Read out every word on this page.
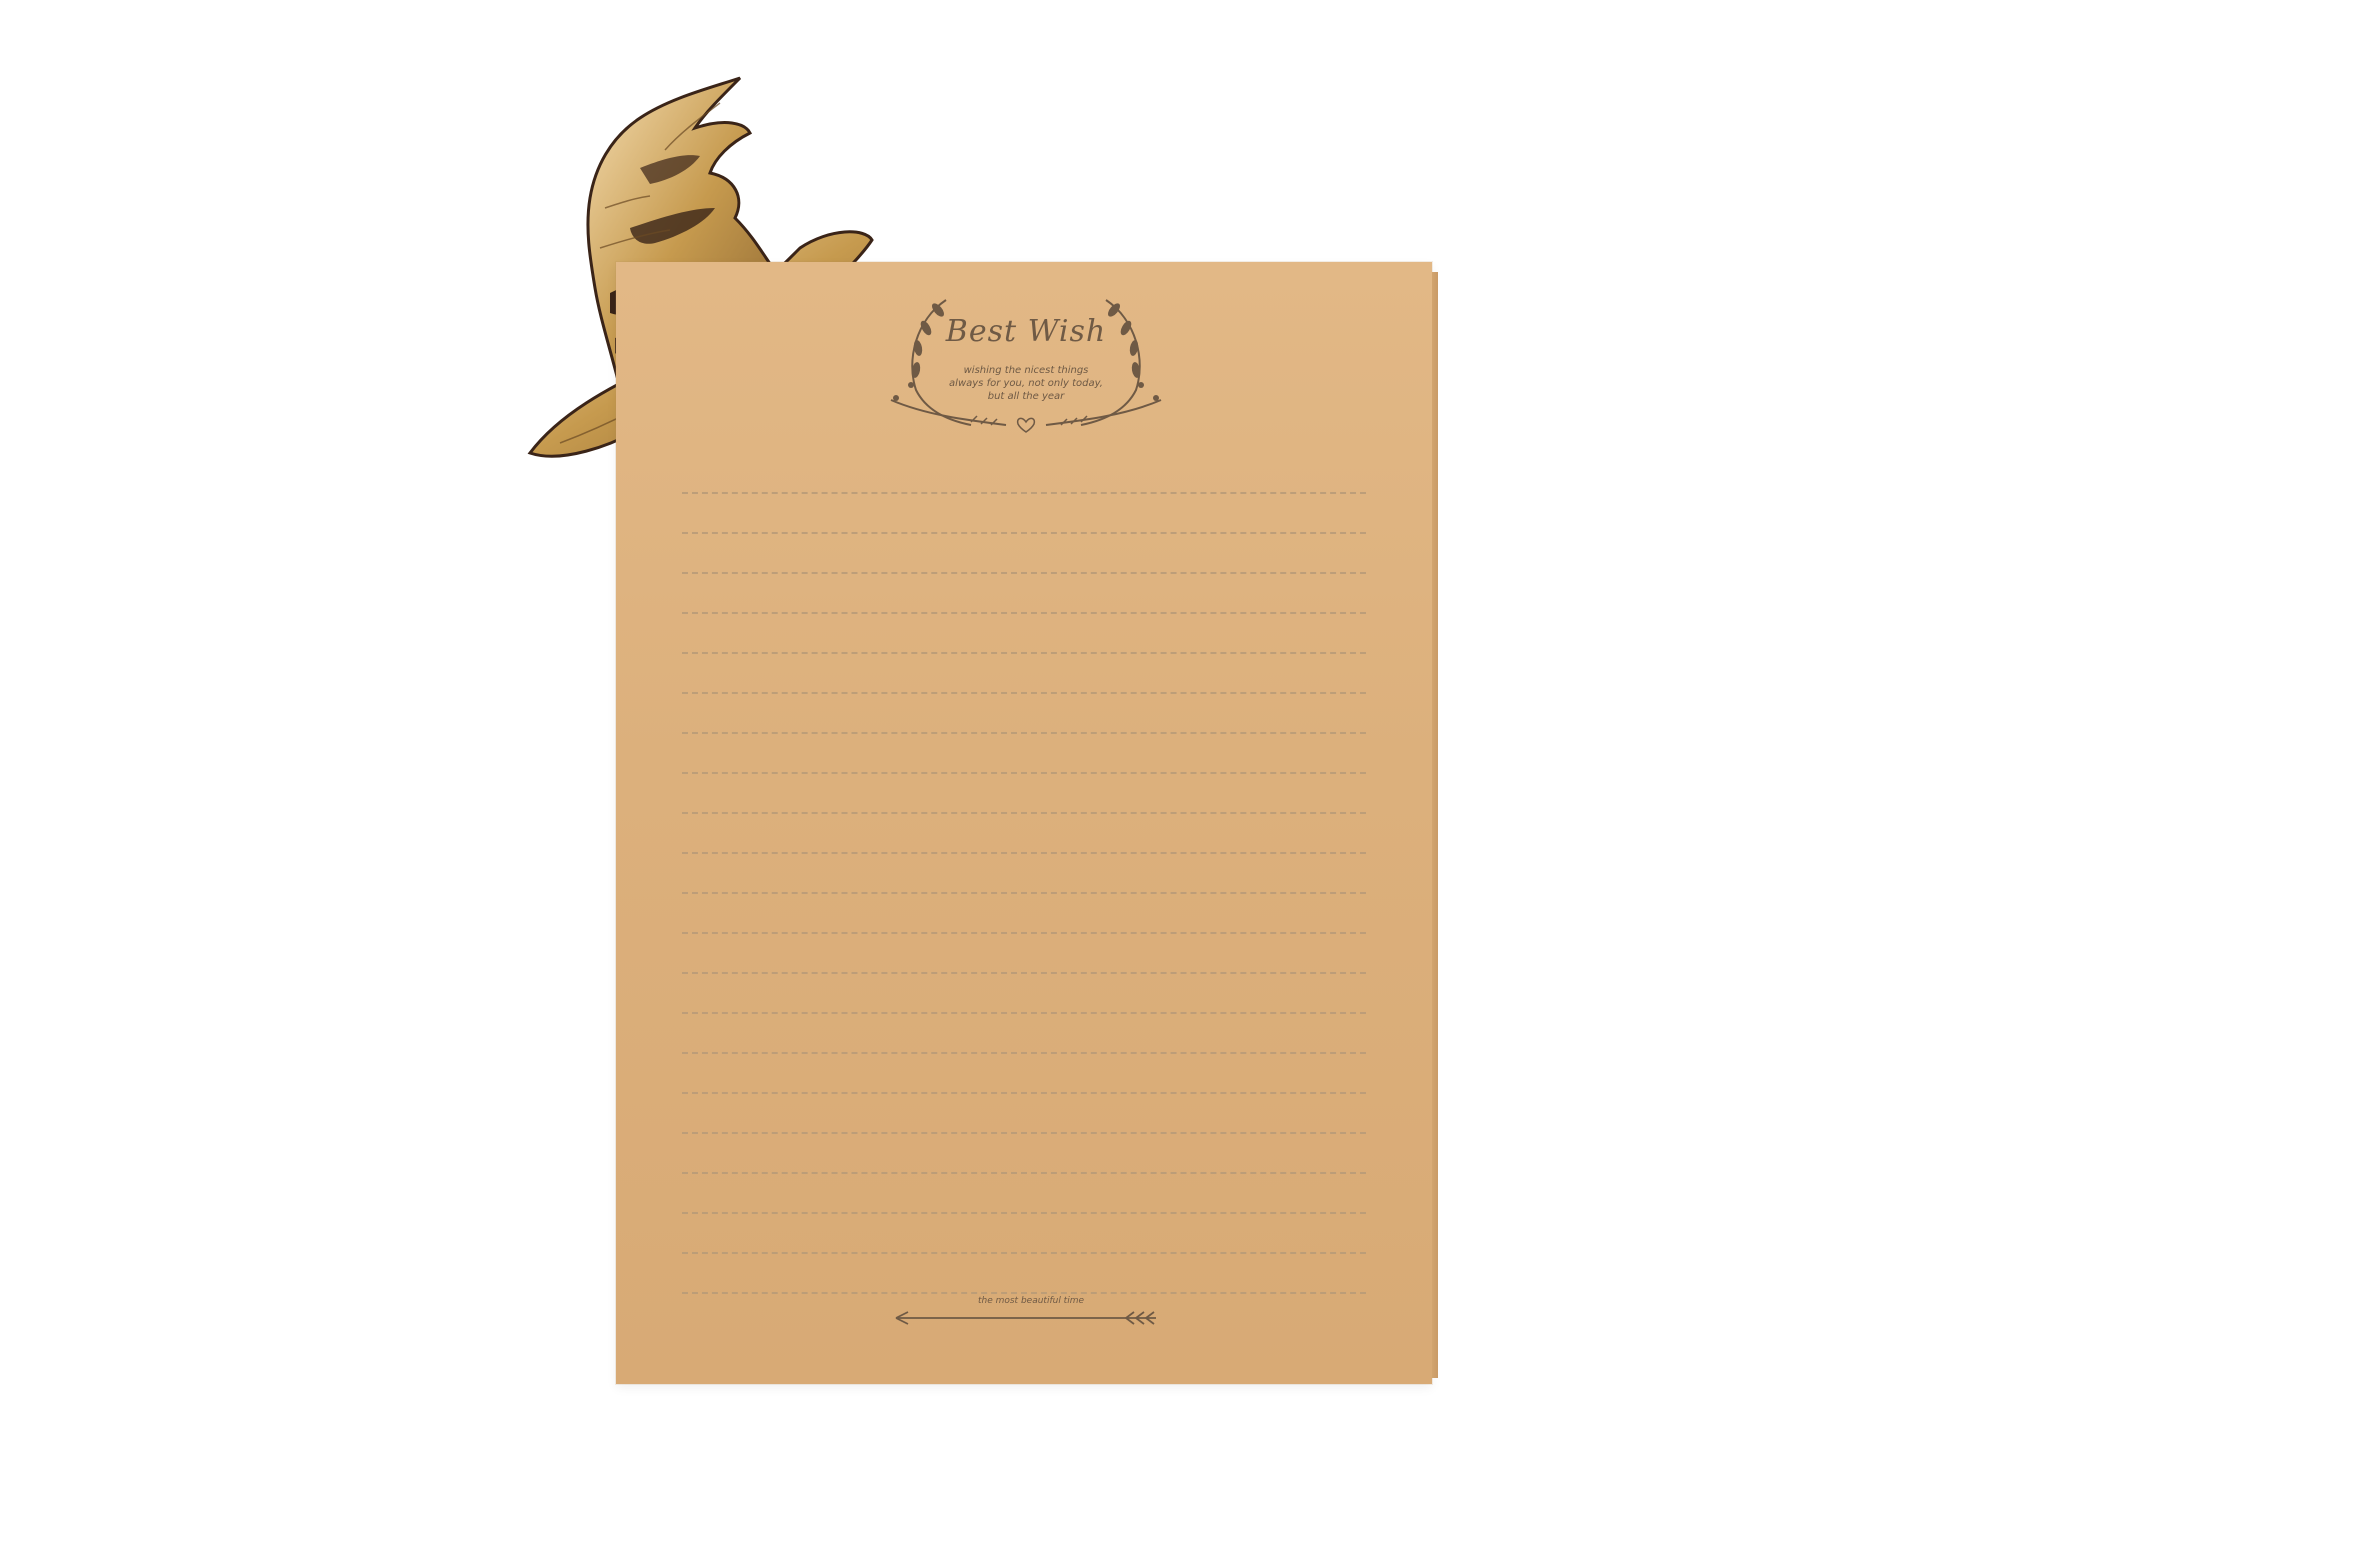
Best Wish
wishing the nicest things
always for you, not only today,
but all the year
the most beautiful time
